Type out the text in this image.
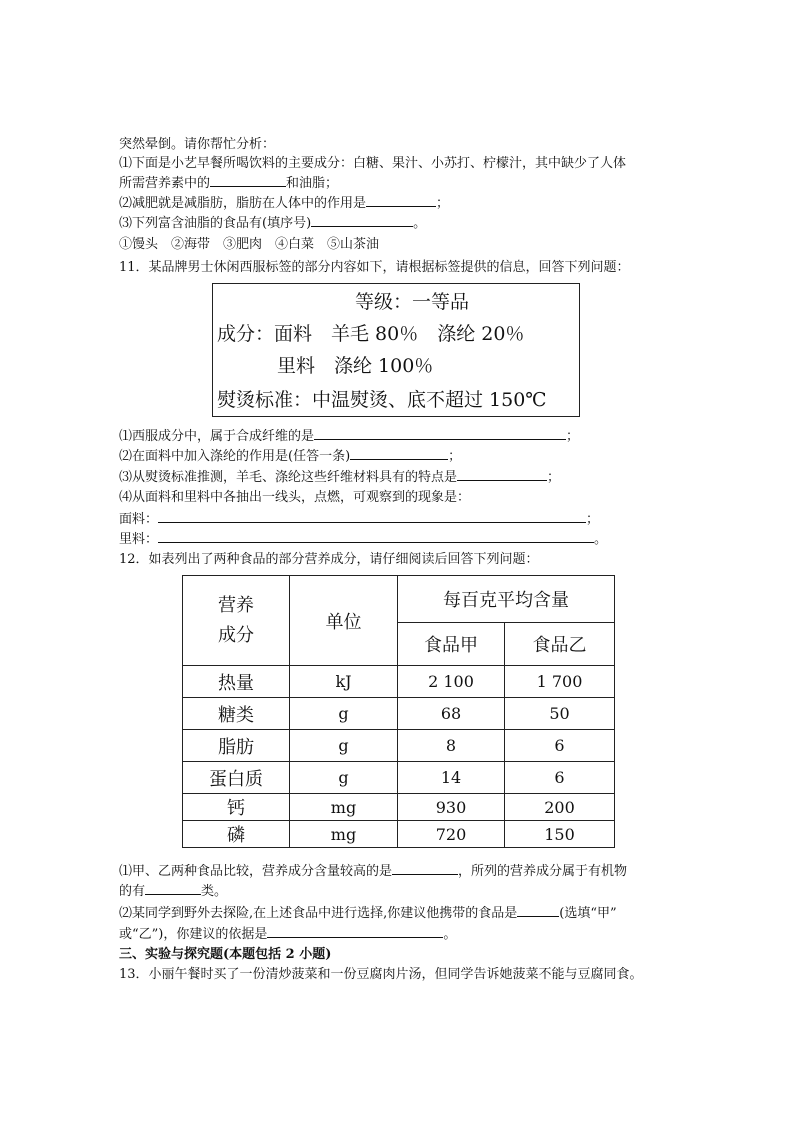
突然晕倒。请你帮忙分析：
⑴下面是小艺早餐所喝饮料的主要成分：白糖、果汁、小苏打、柠檬汁，其中缺少了人体
所需营养素中的	和油脂；
⑵减肥就是减脂肪，脂肪在人体中的作用是	；
⑶下列富含油脂的食品有(填序号)	。
①馒头　②海带　③肥肉　④白菜　⑤山茶油
11．某品牌男士休闲西服标签的部分内容如下，请根据标签提供的信息，回答下列问题：
等级：一等品
成分：面料　羊毛 80％　涤纶 20％
里料　涤纶 100％
熨烫标准：中温熨烫、底不超过 150℃
⑴西服成分中，属于合成纤维的是	；
⑵在面料中加入涤纶的作用是(任答一条)	；
⑶从熨烫标准推测，羊毛、涤纶这些纤维材料具有的特点是	；
⑷从面料和里料中各抽出一线头，点燃，可观察到的现象是：
面料：	；
里料：	。
12．如表列出了两种食品的部分营养成分，请仔细阅读后回答下列问题：
营养
成分	单位	每百克平均含量	
		食品甲	食品乙
热量	kJ	2 100	1 700
糖类	g	68	50
脂肪	g	8	6
蛋白质	g	14	6
钙	mg	930	200
磷	mg	720	150
⑴甲、乙两种食品比较，营养成分含量较高的是	，所列的营养成分属于有机物
的有	类。
⑵某同学到野外去探险,在上述食品中进行选择,你建议他携带的食品是	(选填“甲”
或“乙”)，你建议的依据是	。
三、实验与探究题(本题包括 2 小题)
13．小丽午餐时买了一份清炒菠菜和一份豆腐肉片汤，但同学告诉她菠菜不能与豆腐同食。
